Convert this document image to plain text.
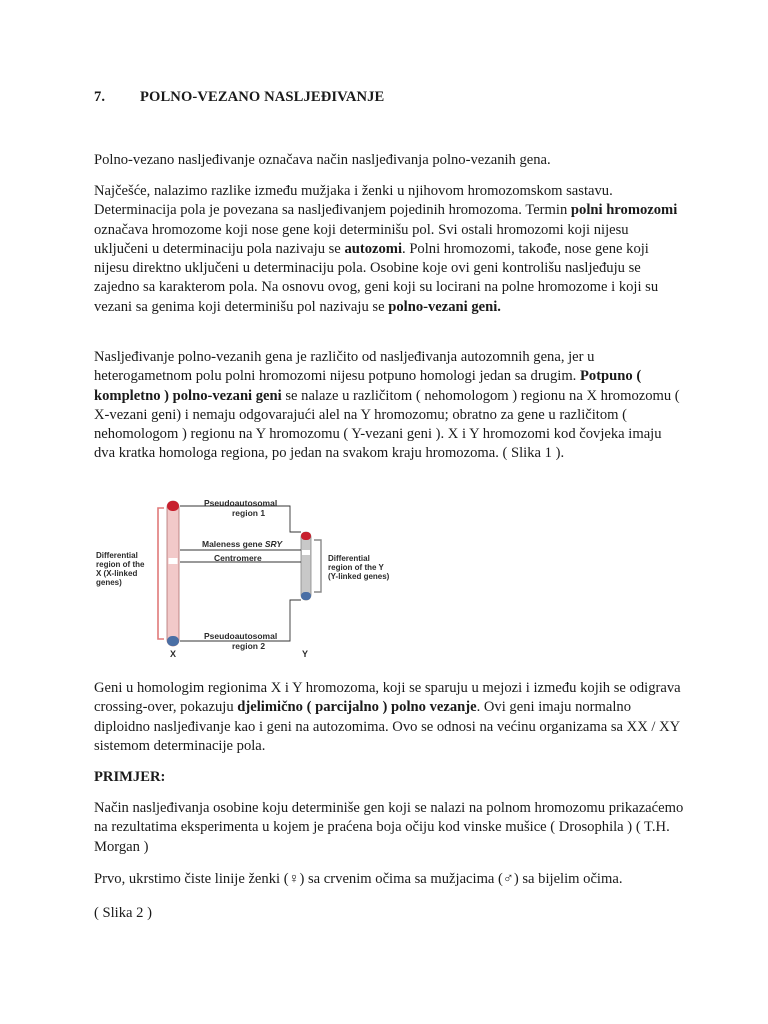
7. POLNO-VEZANO NASLJEĐIVANJE

Polno-vezano nasljeđivanje označava način nasljeđivanja polno-vezanih gena.

Najčešće, nalazimo razlike između mužjaka i ženki u njihovom hromozomskom sastavu. Determinacija pola je povezana sa nasljeđivanjem pojedinih hromozoma. Termin polni hromozomi označava hromozome koji nose gene koji determinišu pol. Svi ostali hromozomi koji nijesu uključeni u determinaciju pola nazivaju se autozomi. Polni hromozomi, takođe, nose gene koji nijesu direktno uključeni u determinaciju pola. Osobine koje ovi geni kontrolišu nasljeđuju se zajedno sa karakterom pola. Na osnovu ovog, geni koji su locirani na polne hromozome i koji su vezani sa genima koji determinišu pol nazivaju se polno-vezani geni.

Nasljeđivanje polno-vezanih gena je različito od nasljeđivanja autozomnih gena, jer u heterogametnom polu polni hromozomi nijesu potpuno homologi jedan sa drugim. Potpuno ( kompletno ) polno-vezani geni se nalaze u različitom ( nehomologom ) regionu na X hromozomu ( X-vezani geni) i nemaju odgovarajući alel na Y hromozomu; obratno za gene u različitom ( nehomologom ) regionu na Y hromozomu ( Y-vezani geni ). X i Y hromozomi kod čovjeka imaju dva kratka homologa regiona, po jedan na svakom kraju hromozoma. ( Slika 1 ).

Pseudoautosomal
region 1
Maleness gene SRY
Centromere
Differential
region of the
X (X-linked
genes)
Differential
region of the Y
(Y-linked genes)
Pseudoautosomal
region 2
X	Y

Geni u homologim regionima X i Y hromozoma, koji se sparuju u mejozi i između kojih se odigrava crossing-over, pokazuju djelimično ( parcijalno ) polno vezanje. Ovi geni imaju normalno diploidno nasljeđivanje kao i geni na autozomima. Ovo se odnosi na većinu organizama sa XX / XY sistemom determinacije pola.

PRIMJER:

Način nasljeđivanja osobine koju determiniše gen koji se nalazi na polnom hromozomu prikazaćemo na rezultatima eksperimenta u kojem je praćena boja očiju kod vinske mušice ( Drosophila ) ( T.H. Morgan )

Prvo, ukrstimo čiste linije ženki (♀) sa crvenim očima sa mužjacima (♂) sa bijelim očima.

( Slika 2 )
